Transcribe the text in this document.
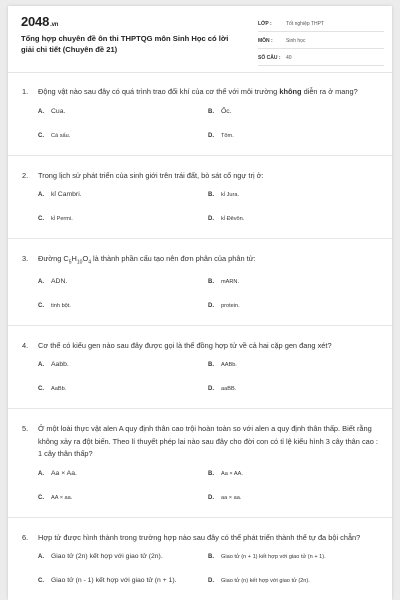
2048.vn
Tổng hợp chuyên đề ôn thi THPTQG môn Sinh Học có lời giải chi tiết (Chuyên đề 21)
LỚP :	Tốt nghiệp THPT
MÔN :	Sinh học
SỐ CÂU :	40
1.	Động vật nào sau đây có quá trình trao đổi khí của cơ thể với môi trường không diễn ra ở mang?
A.	Cua.	B.	Ốc.
C.	Cá sấu.	D.	Tôm.
2.	Trong lịch sử phát triển của sinh giới trên trái đất, bò sát cổ ngự trị ở:
A.	kỉ Cambri.	B.	kỉ Jura.
C.	kỉ Permi.	D.	kỉ Đêvôn.
3.	Đường $C_5H_{10}O_4$ là thành phần cấu tạo nên đơn phân của phân tử:
A.	ADN.	B.	mARN.
C.	tinh bột.	D.	protein.
4.	Cơ thể có kiểu gen nào sau đây được gọi là thể đồng hợp tử về cả hai cặp gen đang xét?
A.	Aabb.	B.	AABb.
C.	AaBb.	D.	aaBB.
5.	Ở một loài thực vật alen A quy định thân cao trội hoàn toàn so với alen a quy định thân thấp. Biết rằng không xảy ra đột biến. Theo lí thuyết phép lai nào sau đây cho đời con có tỉ lệ kiểu hình 3 cây thân cao : 1 cây thân thấp?
A.	Aa × Aa.	B.	Aa × AA.
C.	AA × aa.	D.	aa × aa.
6.	Hợp tử được hình thành trong trường hợp nào sau đây có thể phát triển thành thể tự đa bội chẵn?
A.	Giao tử (2n) kết hợp với giao tử (2n).	B.	Giao tử (n + 1) kết hợp với giao tử (n + 1).
C.	Giao tử (n - 1) kết hợp với giao tử (n + 1).	D.	Giao tử (n) kết hợp với giao tử (2n).
